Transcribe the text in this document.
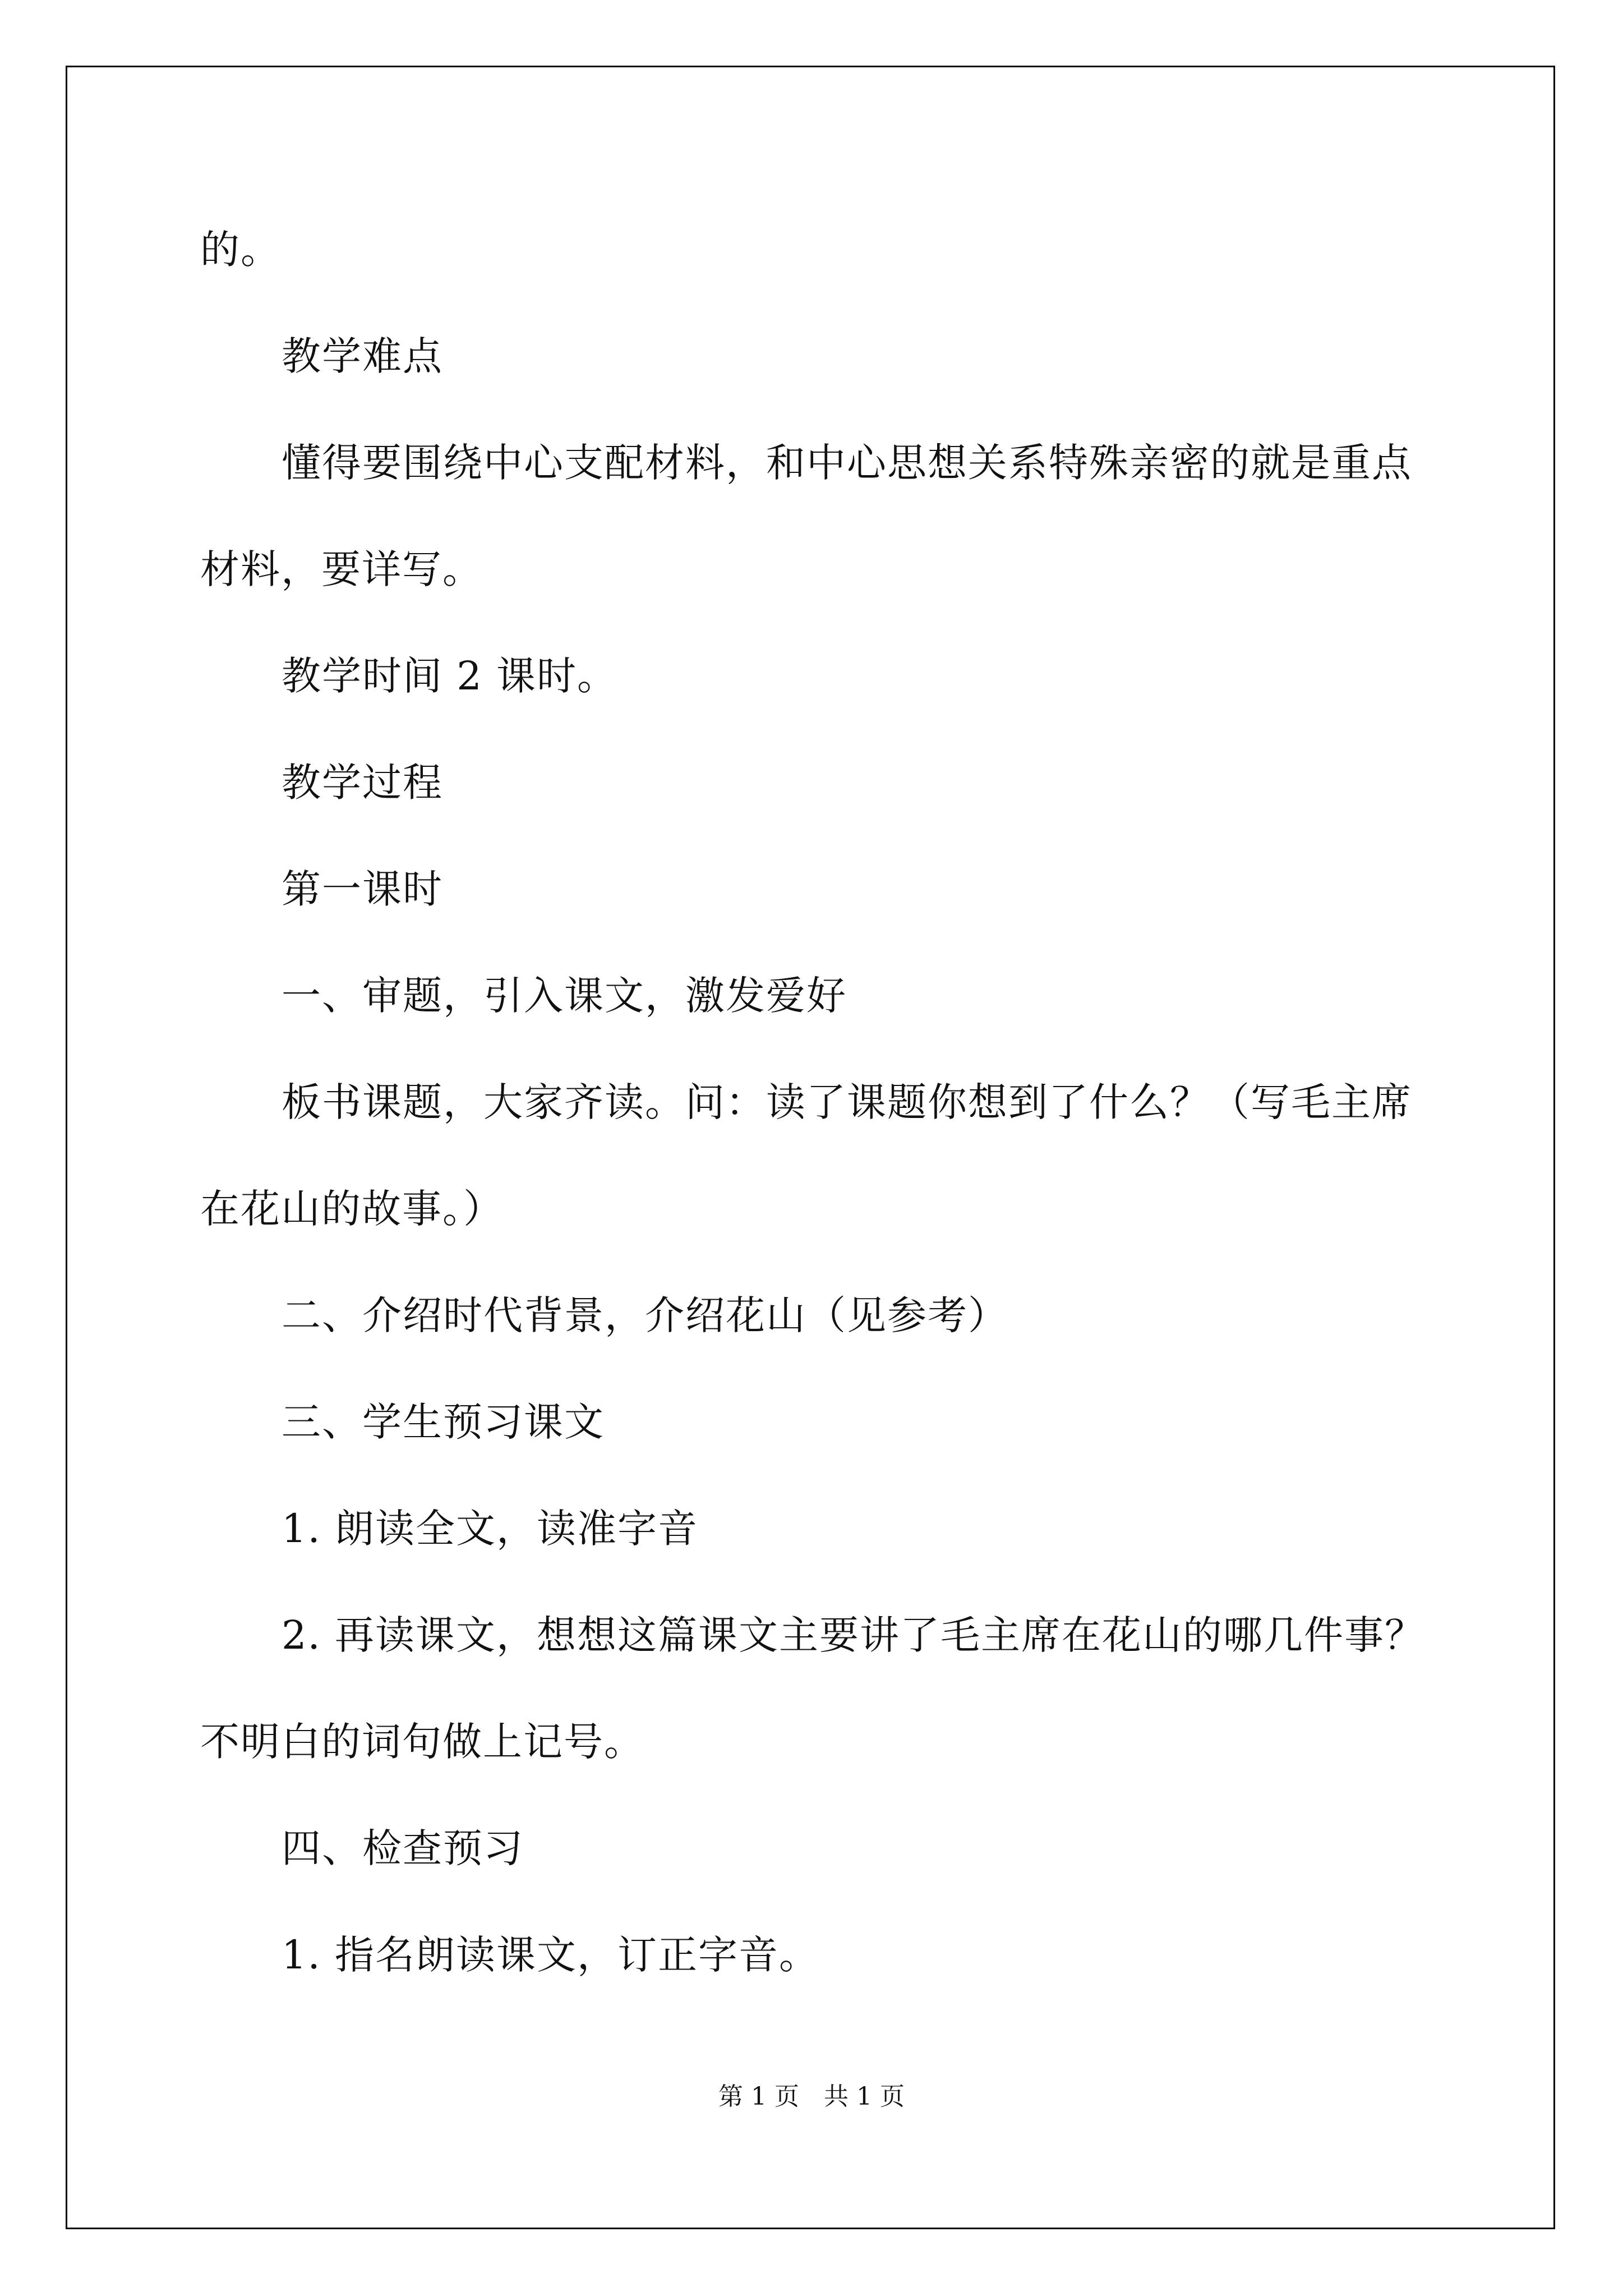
的。
教学难点
懂得要围绕中心支配材料，和中心思想关系特殊亲密的就是重点
材料，要详写。
教学时间 2 课时。
教学过程
第一课时
一、审题，引入课文，激发爱好
板书课题，大家齐读。问：读了课题你想到了什么？（写毛主席
在花山的故事。）
二、介绍时代背景，介绍花山（见参考）
三、学生预习课文
1. 朗读全文，读准字音
2. 再读课文，想想这篇课文主要讲了毛主席在花山的哪几件事？
不明白的词句做上记号。
四、检查预习
1. 指名朗读课文，订正字音。
第 1 页　共 1 页
